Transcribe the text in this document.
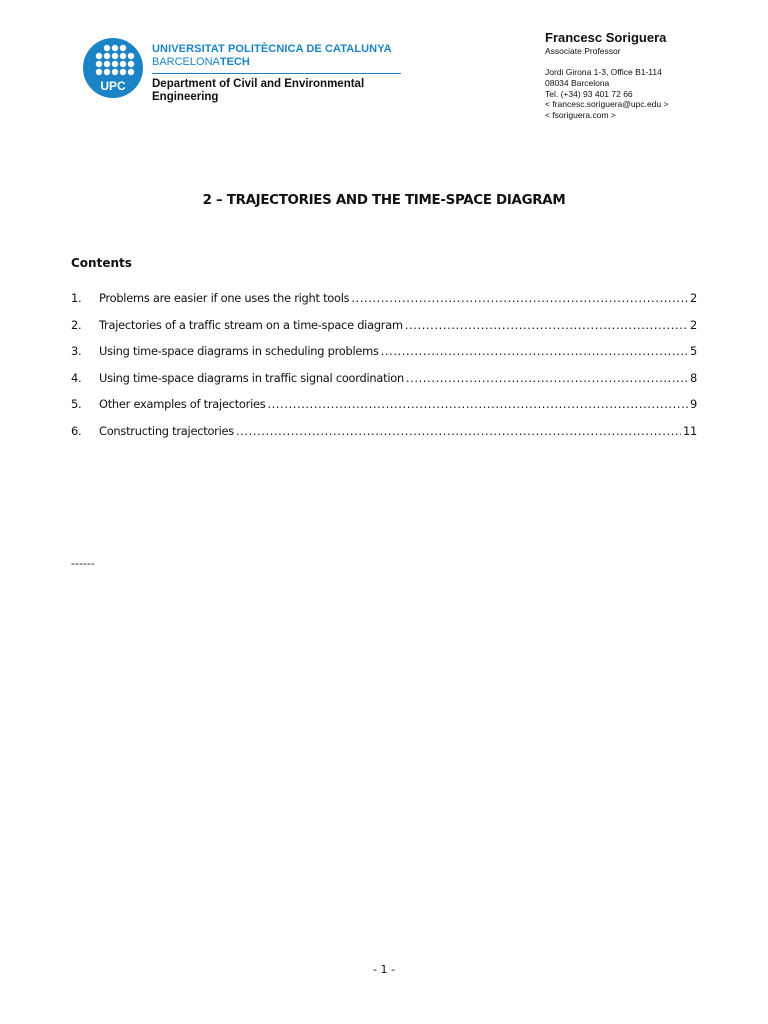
UPC
UNIVERSITAT POLITÈCNICA DE CATALUNYA
BARCELONATECH
Department of Civil and Environmental Engineering
Francesc Soriguera
Associate Professor
Jordi Girona 1-3, Office B1-114
08034 Barcelona
Tel. (+34) 93 401 72 66
< francesc.soriguera@upc.edu >
< fsoriguera.com >
2 – TRAJECTORIES AND THE TIME-SPACE DIAGRAM
Contents
1.	Problems are easier if one uses the right tools .....	2
2.	Trajectories of a traffic stream on a time-space diagram .....	2
3.	Using time-space diagrams in scheduling problems .....	5
4.	Using time-space diagrams in traffic signal coordination .....	8
5.	Other examples of trajectories .....	9
6.	Constructing trajectories .....	11
------
- 1 -
